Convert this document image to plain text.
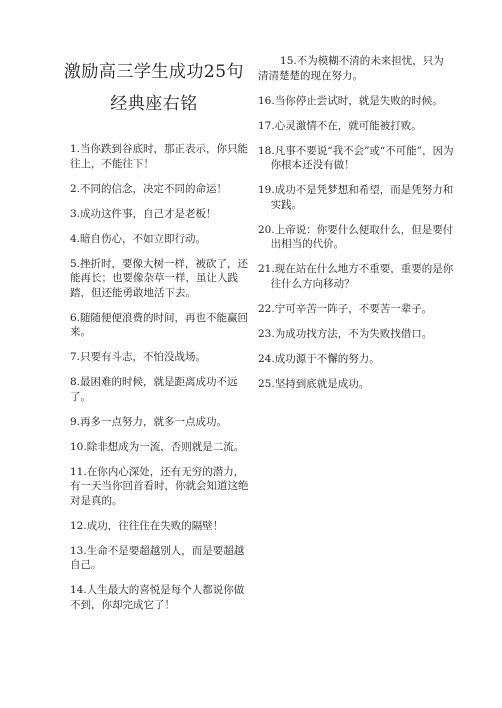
激励高三学生成功25句
经典座右铭
1.当你跌到谷底时，那正表示，你只能往上，不能往下！
2.不同的信念，决定不同的命运！
3.成功这件事，自己才是老板！
4.暗自伤心，不如立即行动。
5.挫折时，要像大树一样，被砍了，还能再长；也要像杂草一样，虽让人践踏，但还能勇敢地活下去。
6.随随便便浪费的时间，再也不能赢回来。
7.只要有斗志，不怕没战场。
8.最困难的时候，就是距离成功不远了。
9.再多一点努力，就多一点成功。
10.除非想成为一流，否则就是二流。
11.在你内心深处，还有无穷的潜力，有一天当你回首看时，你就会知道这绝对是真的。
12.成功，往往住在失败的隔壁！
13.生命不是要超越别人，而是要超越自己。
14.人生最大的喜悦是每个人都说你做不到，你却完成它了！
15.不为模糊不清的未来担忧，只为清清楚楚的现在努力。
16.当你停止尝试时，就是失败的时候。
17.心灵激情不在，就可能被打败。
18.凡事不要说“我不会”或“不可能”，因为你根本还没有做！
19.成功不是凭梦想和希望，而是凭努力和实践。
20.上帝说：你要什么便取什么，但是要付出相当的代价。
21.现在站在什么地方不重要，重要的是你往什么方向移动？
22.宁可辛苦一阵子，不要苦一辈子。
23.为成功找方法，不为失败找借口。
24.成功源于不懈的努力。
25.坚持到底就是成功。
